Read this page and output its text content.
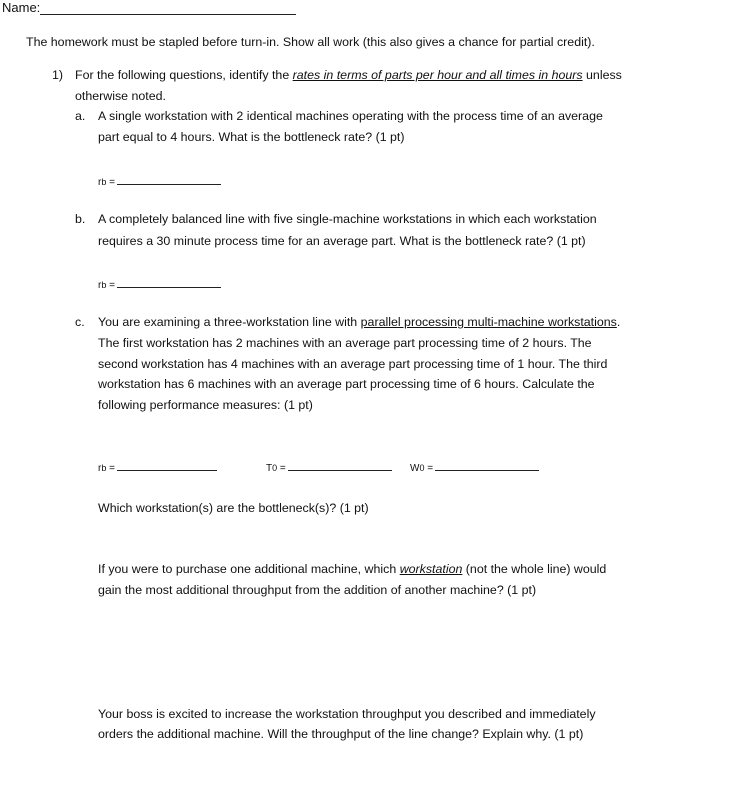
Name:
The homework must be stapled before turn-in. Show all work (this also gives a chance for partial credit).
1) For the following questions, identify the rates in terms of parts per hour and all times in hours unless
otherwise noted.
a. A single workstation with 2 identical machines operating with the process time of an average
part equal to 4 hours. What is the bottleneck rate? (1 pt)
rb =
b. A completely balanced line with five single-machine workstations in which each workstation
requires a 30 minute process time for an average part. What is the bottleneck rate? (1 pt)
rb =
c. You are examining a three-workstation line with parallel processing multi-machine workstations.
The first workstation has 2 machines with an average part processing time of 2 hours. The
second workstation has 4 machines with an average part processing time of 1 hour. The third
workstation has 6 machines with an average part processing time of 6 hours. Calculate the
following performance measures: (1 pt)
rb =	T0 =	W0 =
Which workstation(s) are the bottleneck(s)? (1 pt)
If you were to purchase one additional machine, which workstation (not the whole line) would
gain the most additional throughput from the addition of another machine? (1 pt)
Your boss is excited to increase the workstation throughput you described and immediately
orders the additional machine. Will the throughput of the line change? Explain why. (1 pt)
